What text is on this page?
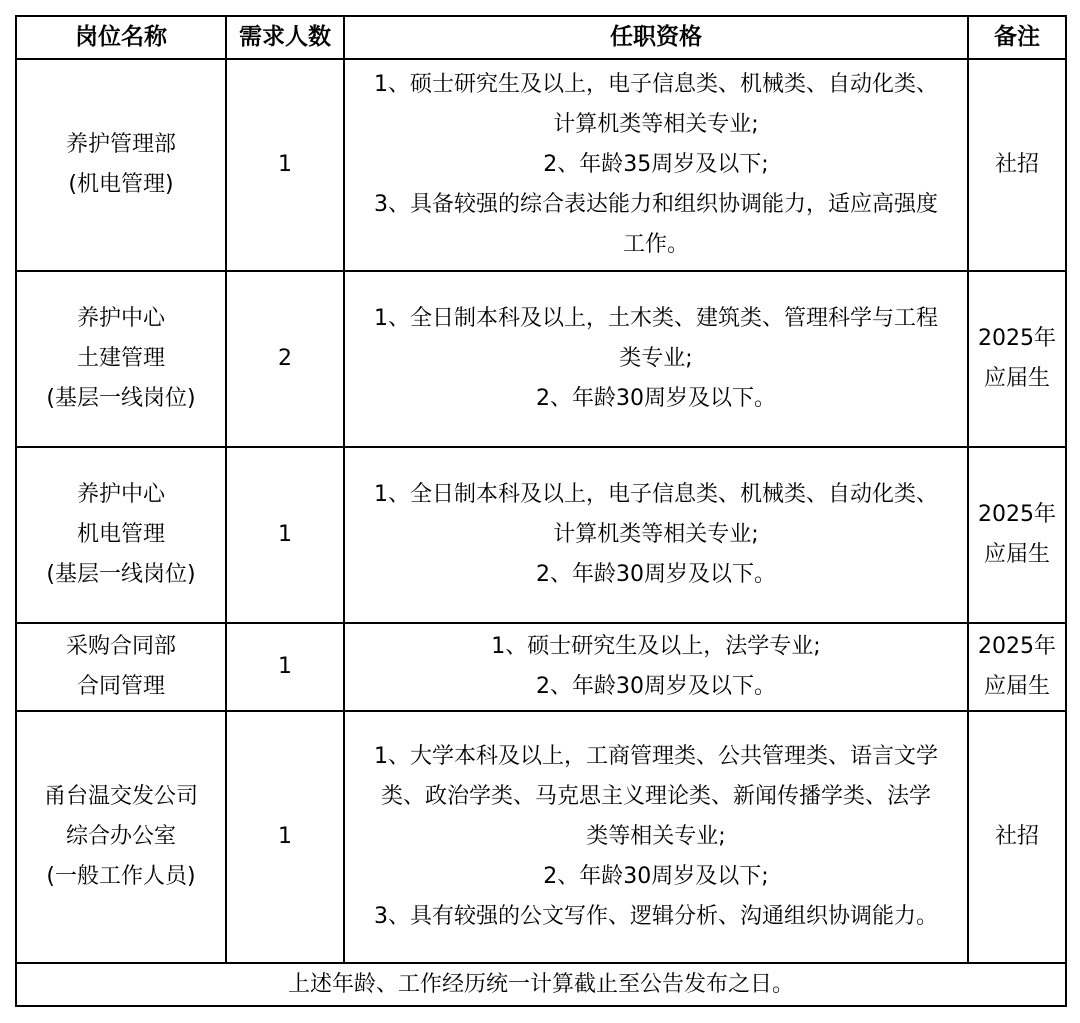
岗位名称	需求人数	任职资格	备注

养护管理部
(机电管理)	1	1、硕士研究生及以上，电子信息类、机械类、自动化类、
计算机类等相关专业;
2、年龄35周岁及以下;
3、具备较强的综合表达能力和组织协调能力，适应高强度
工作。	社招

养护中心
土建管理
(基层一线岗位)	2	1、全日制本科及以上，土木类、建筑类、管理科学与工程
类专业;
2、年龄30周岁及以下。	2025年
应届生

养护中心
机电管理
(基层一线岗位)	1	1、全日制本科及以上，电子信息类、机械类、自动化类、
计算机类等相关专业;
2、年龄30周岁及以下。	2025年
应届生

采购合同部
合同管理	1	1、硕士研究生及以上，法学专业;
2、年龄30周岁及以下。	2025年
应届生

甬台温交发公司
综合办公室
(一般工作人员)	1	1、大学本科及以上，工商管理类、公共管理类、语言文学
类、政治学类、马克思主义理论类、新闻传播学类、法学
类等相关专业;
2、年龄30周岁及以下;
3、具有较强的公文写作、逻辑分析、沟通组织协调能力。	社招

上述年龄、工作经历统一计算截止至公告发布之日。			
